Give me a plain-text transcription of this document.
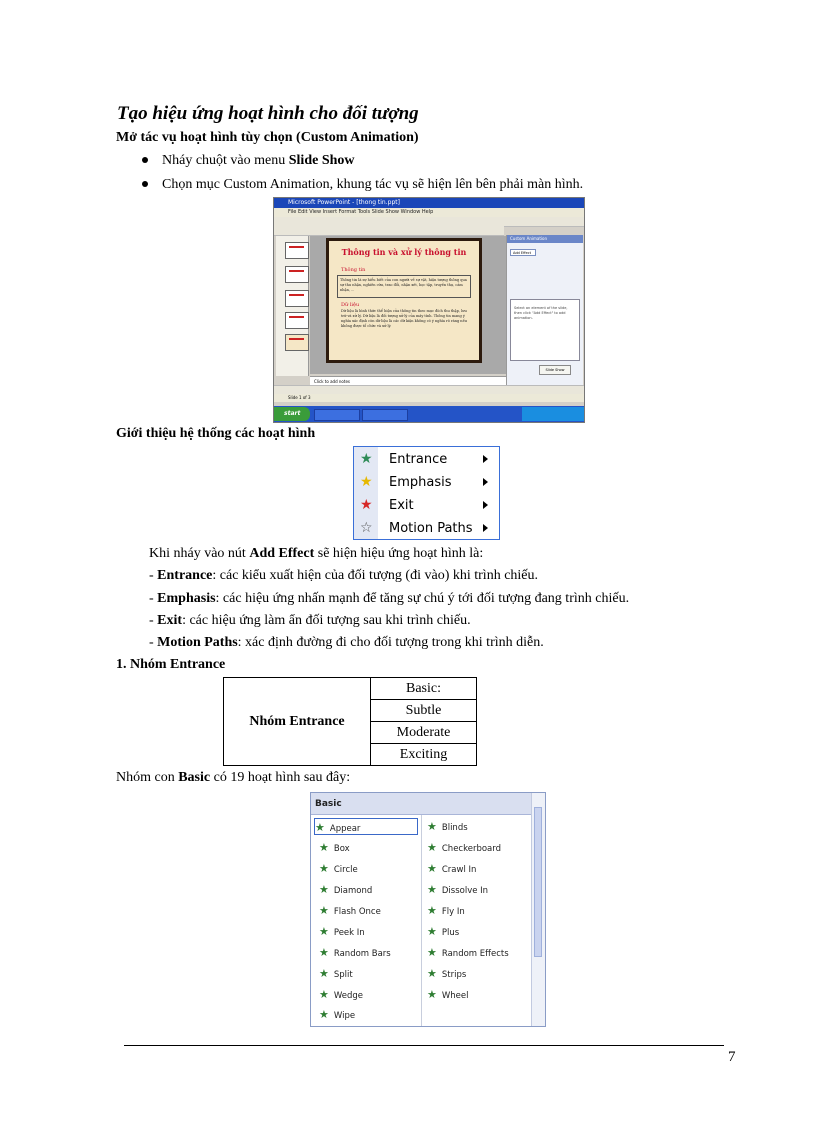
Tạo hiệu ứng hoạt hình cho đối tượng
Mở tác vụ hoạt hình tùy chọn (Custom Animation)
Nháy chuột vào menu Slide Show
Chọn mục Custom Animation, khung tác vụ sẽ hiện lên bên phải màn hình.
Microsoft PowerPoint - [thong tin.ppt]
File Edit View Insert Format Tools Slide Show Window Help
Thông tin và xử lý thông tin
Thông tin
Thông tin là sự hiểu biết của con người về sự vật, hiện tượng thông qua sự thu nhận, nghiên cứu, trao đổi, nhận xét, học tập, truyền thụ, cảm nhận, ...
Dữ liệu
Dữ liệu là hình thức thể hiện của thông tin theo mục đích thu thập, lưu trữ và xử lý. Dữ liệu là đối tượng xử lý của máy tính. Thông tin mang ý nghĩa xác định còn dữ liệu là các dữ kiện không có ý nghĩa rõ ràng nếu không được tổ chức và xử lý.
Click to add notes
Custom Animation
Add Effect
Select an element of the slide, then click "Add Effect" to add animation.
Slide Show
Slide 1 of 3
start
Giới thiệu hệ thống các hoạt hình
★ Entrance
★ Emphasis
★ Exit
☆ Motion Paths
Khi nháy vào nút Add Effect sẽ hiện hiệu ứng hoạt hình là:
- Entrance: các kiểu xuất hiện của đối tượng (đi vào) khi trình chiếu.
- Emphasis: các hiệu ứng nhấn mạnh để tăng sự chú ý tới đối tượng đang trình chiếu.
- Exit: các hiệu ứng làm ẩn đối tượng sau khi trình chiếu.
- Motion Paths: xác định đường đi cho đối tượng trong khi trình diễn.
1. Nhóm Entrance
Nhóm Entrance	Basic:
Subtle
Moderate
Exciting
Nhóm con Basic có 19 hoạt hình sau đây:
Basic
★ Appear
★ Box
★ Circle
★ Diamond
★ Flash Once
★ Peek In
★ Random Bars
★ Split
★ Wedge
★ Wipe
★ Blinds
★ Checkerboard
★ Crawl In
★ Dissolve In
★ Fly In
★ Plus
★ Random Effects
★ Strips
★ Wheel
7
